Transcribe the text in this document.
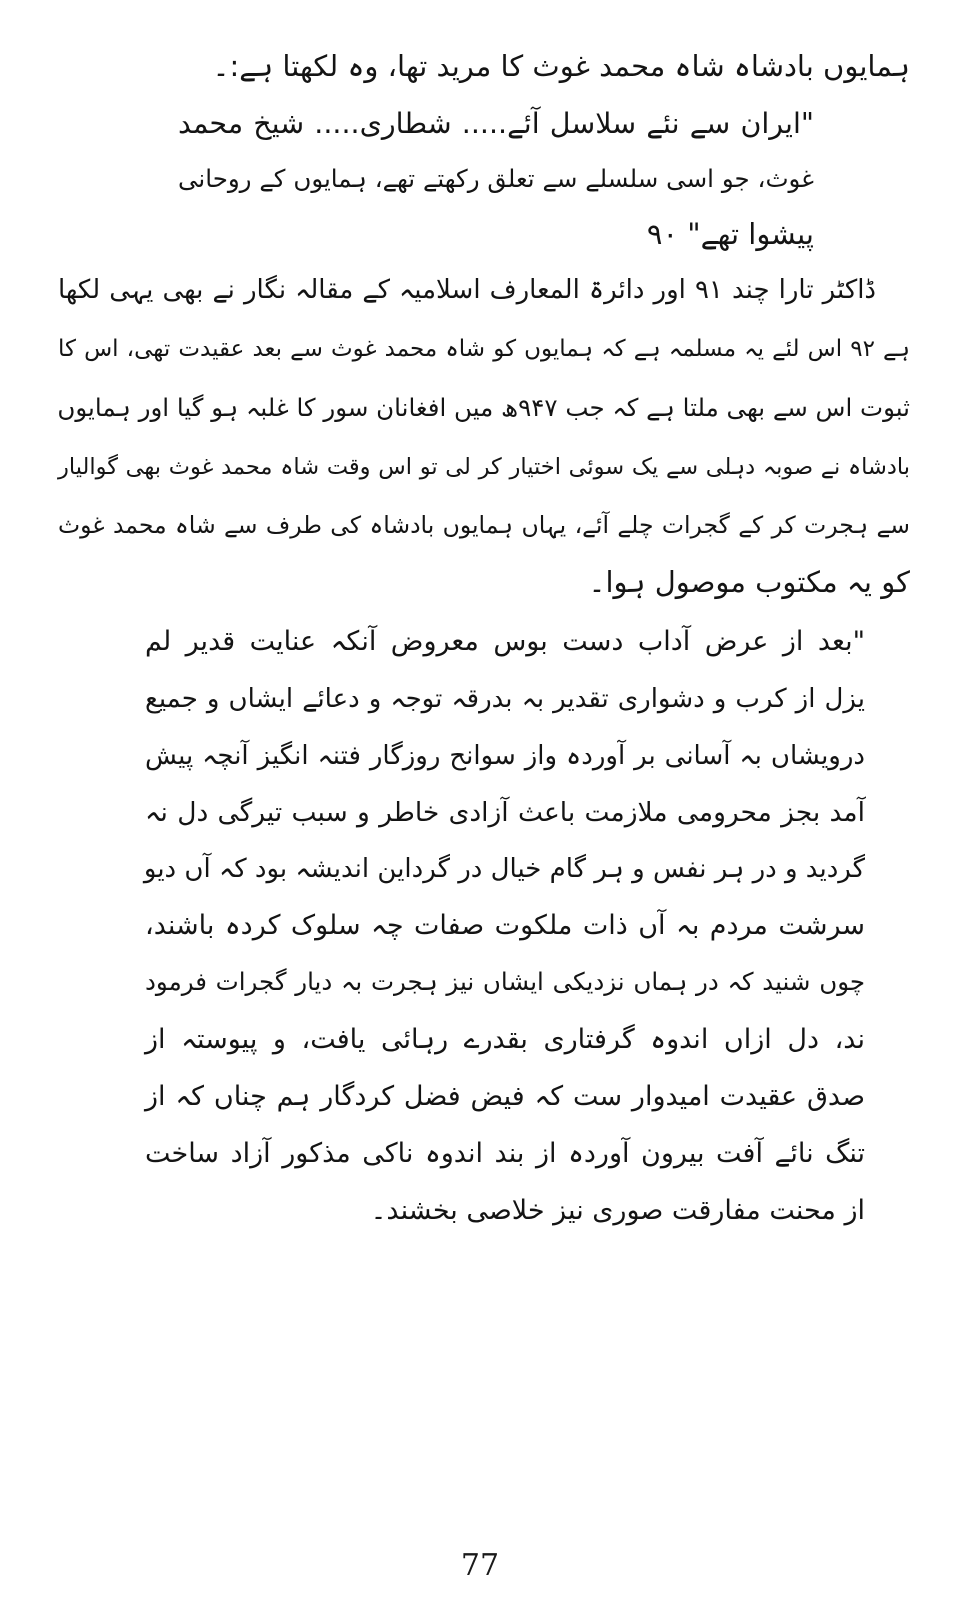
ہمایوں بادشاہ شاہ محمد غوث کا مرید تھا، وہ لکھتا ہے:۔
"ایران سے نئے سلاسل آئے..... شطاری..... شیخ محمد
غوث، جو اسی سلسلے سے تعلق رکھتے تھے، ہمایوں کے روحانی
پیشوا تھے" ۹۰
ڈاکٹر تارا چند ۹۱ اور دائرۃ المعارف اسلامیہ کے مقالہ نگار نے بھی یہی لکھا
ہے ۹۲ اس لئے یہ مسلمہ ہے کہ ہمایوں کو شاہ محمد غوث سے بعد عقیدت تھی، اس کا
ثبوت اس سے بھی ملتا ہے کہ جب ۹۴۷ھ میں افغانان سور کا غلبہ ہو گیا اور ہمایوں
بادشاہ نے صوبہ دہلی سے یک سوئی اختیار کر لی تو اس وقت شاہ محمد غوث بھی گوالیار
سے ہجرت کر کے گجرات چلے آئے، یہاں ہمایوں بادشاہ کی طرف سے شاہ محمد غوث
کو یہ مکتوب موصول ہوا۔
"بعد از عرض آداب دست بوس معروض آنکہ عنایت قدیر لم
یزل از کرب و دشواری تقدیر بہ بدرقہ توجہ و دعائے ایشاں و جمیع
درویشاں بہ آسانی بر آوردہ واز سوانح روزگار فتنہ انگیز آنچہ پیش
آمد بجز محرومی ملازمت باعث آزادی خاطر و سبب تیرگی دل نہ
گردید و در ہر نفس و ہر گام خیال در گرداین اندیشہ بود کہ آں دیو
سرشت مردم بہ آں ذات ملکوت صفات چہ سلوک کردہ باشند،
چوں شنید کہ در ہماں نزدیکی ایشاں نیز ہجرت بہ دیار گجرات فرمود
ند، دل ازاں اندوہ گرفتاری بقدرے رہائی یافت، و پیوستہ از
صدق عقیدت امیدوار ست کہ فیض فضل کردگار ہم چناں کہ از
تنگ نائے آفت بیرون آوردہ از بند اندوہ ناکی مذکور آزاد ساخت
از محنت مفارقت صوری نیز خلاصی بخشند۔
77
